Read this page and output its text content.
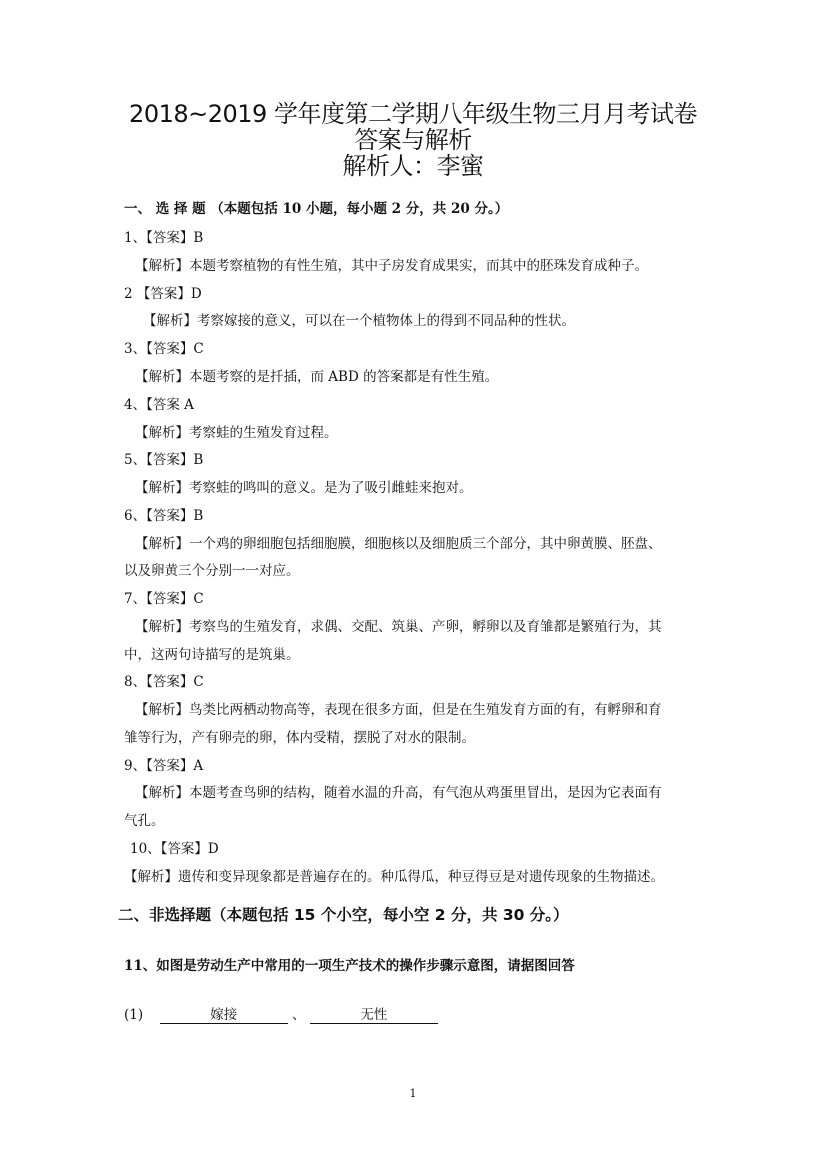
2018~2019 学年度第二学期八年级生物三月月考试卷
答案与解析
解析人：李蜜
一、 选 择 题 （本题包括 10 小题，每小题 2 分，共 20 分。）
1、【答案】B
【解析】本题考察植物的有性生殖，其中子房发育成果实，而其中的胚珠发育成种子。
2 【答案】D
【解析】考察嫁接的意义，可以在一个植物体上的得到不同品种的性状。
3、【答案】C
【解析】本题考察的是扦插，而 ABD 的答案都是有性生殖。
4、【答案 A
【解析】考察蛙的生殖发育过程。
5、【答案】B
【解析】考察蛙的鸣叫的意义。是为了吸引雌蛙来抱对。
6、【答案】B
【解析】一个鸡的卵细胞包括细胞膜，细胞核以及细胞质三个部分，其中卵黄膜、胚盘、
以及卵黄三个分别一一对应。
7、【答案】C
【解析】考察鸟的生殖发育，求偶、交配、筑巢、产卵，孵卵以及育雏都是繁殖行为，其
中，这两句诗描写的是筑巢。
8、【答案】C
【解析】鸟类比两栖动物高等，表现在很多方面，但是在生殖发育方面的有，有孵卵和育
雏等行为，产有卵壳的卵，体内受精，摆脱了对水的限制。
9、【答案】A
【解析】本题考查鸟卵的结构，随着水温的升高，有气泡从鸡蛋里冒出，是因为它表面有
气孔。
10、【答案】D
【解析】遗传和变异现象都是普遍存在的。种瓜得瓜，种豆得豆是对遗传现象的生物描述。
二、非选择题（本题包括 15 个小空，每小空 2 分，共 30 分。）
11、如图是劳动生产中常用的一项生产技术的操作步骤示意图，请据图回答
(1)	嫁接	、	无性
1
